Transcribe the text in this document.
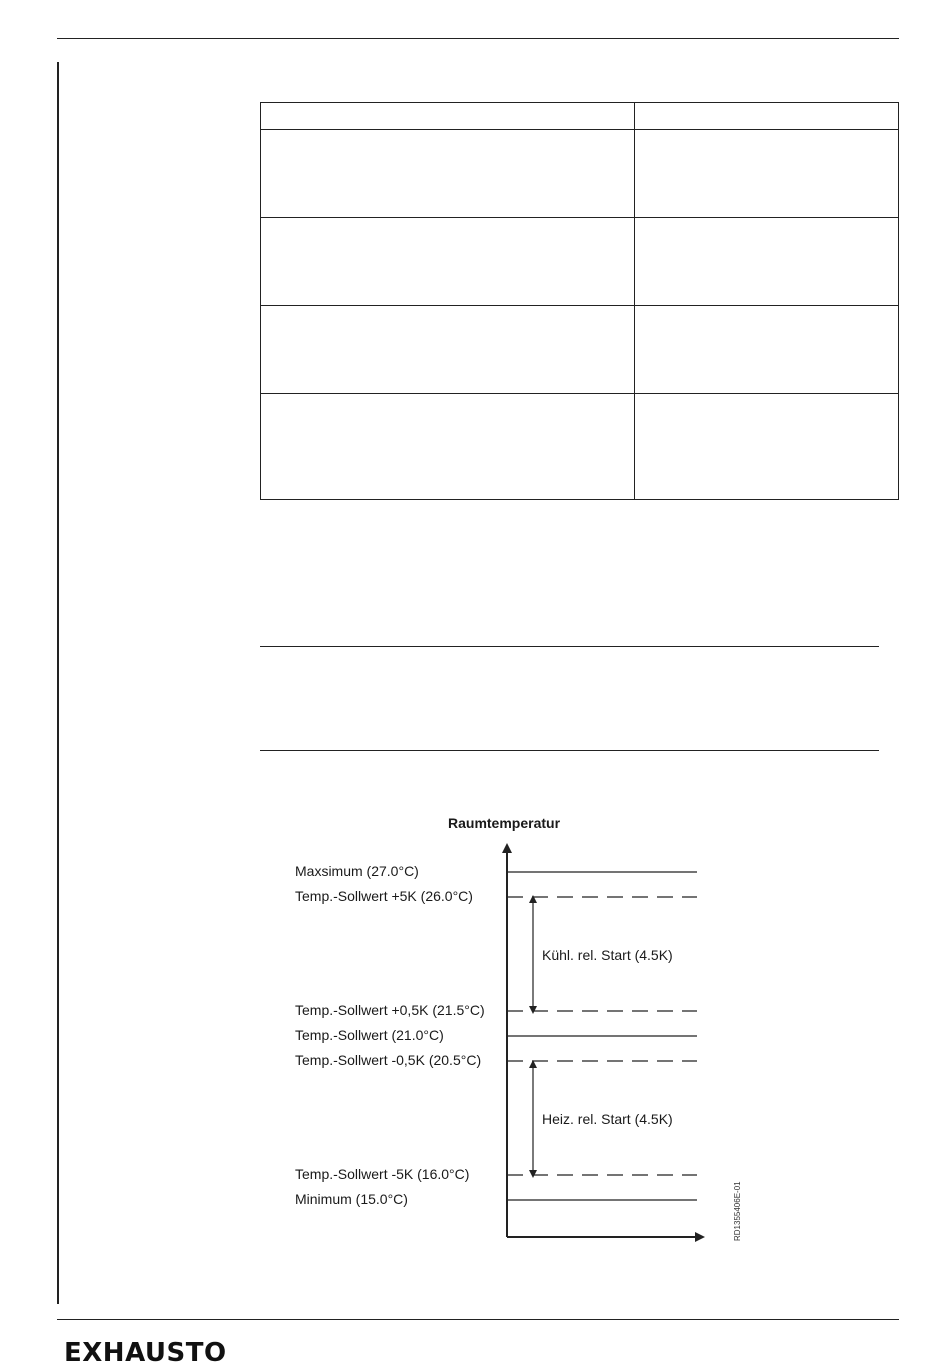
Raumtemperatur
Maxsimum (27.0°C)
Temp.-Sollwert +5K (26.0°C)
Temp.-Sollwert +0,5K (21.5°C)
Temp.-Sollwert (21.0°C)
Temp.-Sollwert -0,5K (20.5°C)
Temp.-Sollwert -5K (16.0°C)
Minimum (15.0°C)
Kühl. rel. Start (4.5K)
Heiz. rel. Start (4.5K)
RD1355406E-01
EXHAUSTO
